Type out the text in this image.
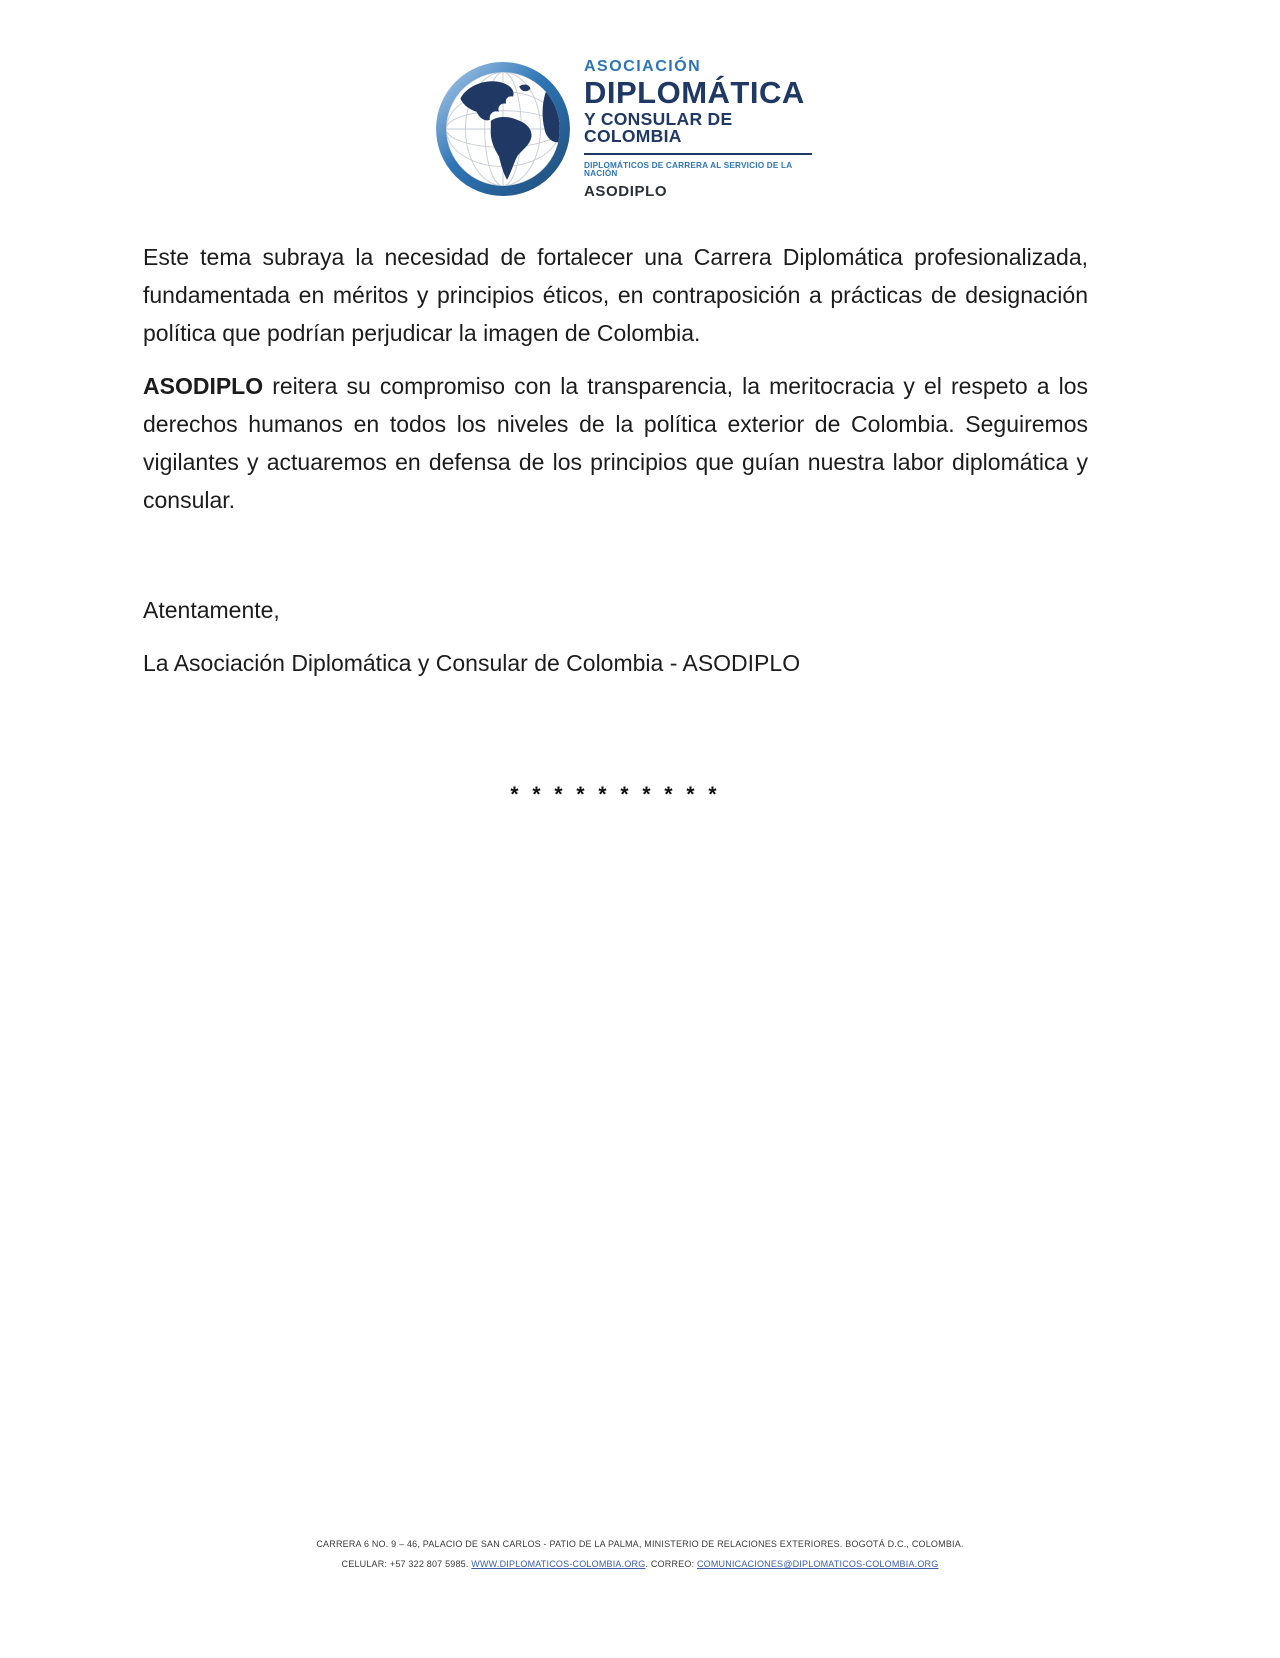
ASOCIACIÓN
DIPLOMÁTICA
Y CONSULAR DE COLOMBIA
DIPLOMÁTICOS DE CARRERA AL SERVICIO DE LA NACIÓN
ASODIPLO

Este tema subraya la necesidad de fortalecer una Carrera Diplomática profesionalizada, fundamentada en méritos y principios éticos, en contraposición a prácticas de designación política que podrían perjudicar la imagen de Colombia.

ASODIPLO reitera su compromiso con la transparencia, la meritocracia y el respeto a los derechos humanos en todos los niveles de la política exterior de Colombia. Seguiremos vigilantes y actuaremos en defensa de los principios que guían nuestra labor diplomática y consular.

Atentamente,

La Asociación Diplomática y Consular de Colombia - ASODIPLO

* * * * * * * * * *
CARRERA 6 NO. 9 – 46, PALACIO DE SAN CARLOS - PATIO DE LA PALMA, MINISTERIO DE RELACIONES EXTERIORES. BOGOTÁ D.C., COLOMBIA.
CELULAR: +57 322 807 5985. WWW.DIPLOMATICOS-COLOMBIA.ORG. CORREO: COMUNICACIONES@DIPLOMATICOS-COLOMBIA.ORG
